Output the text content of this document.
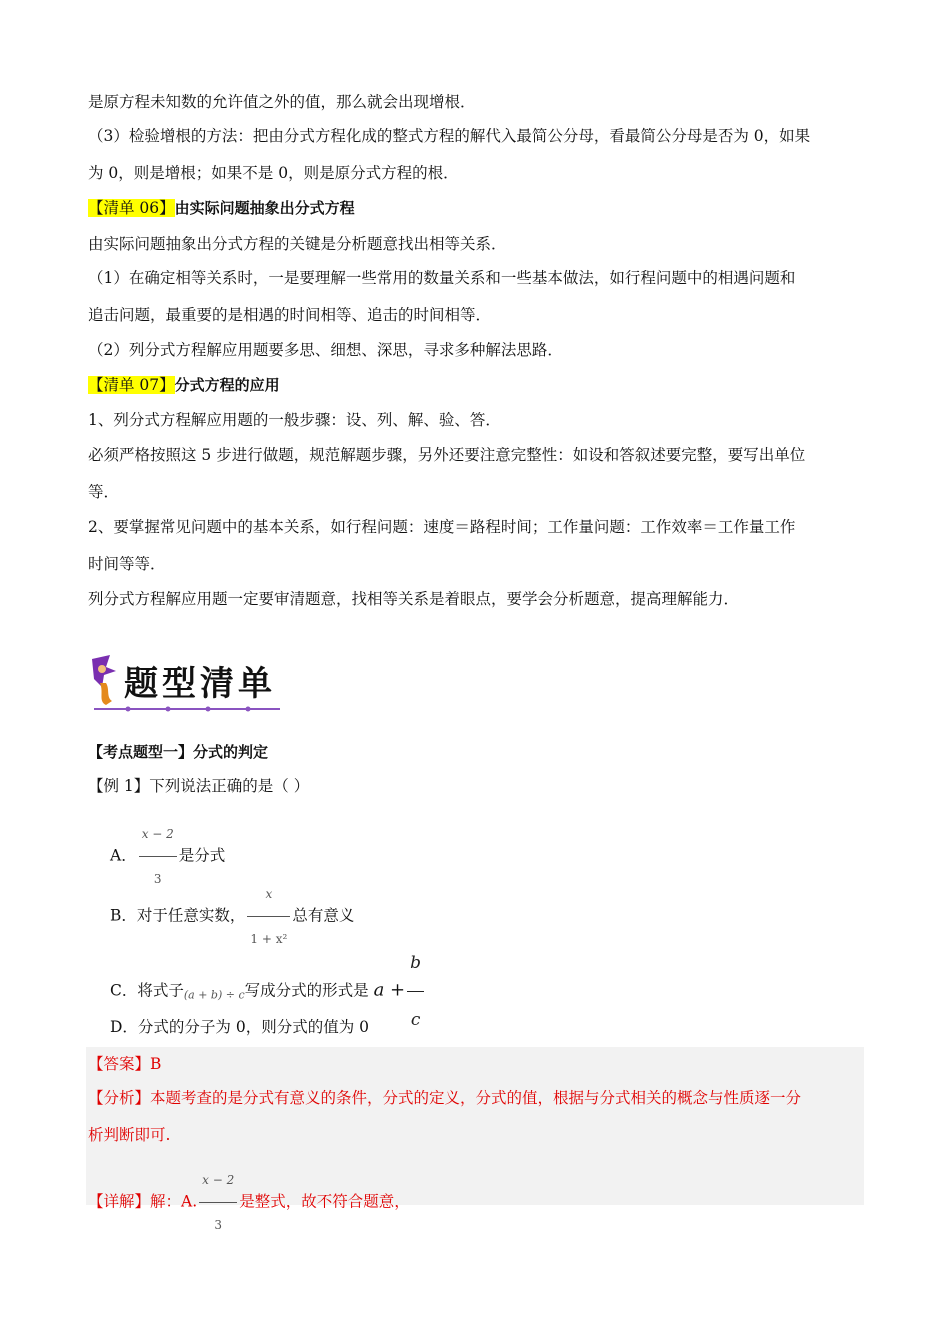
是原方程未知数的允许值之外的值，那么就会出现增根．
（3）检验增根的方法：把由分式方程化成的整式方程的解代入最简公分母，看最简公分母是否为 0，如果
为 0，则是增根；如果不是 0，则是原分式方程的根．
【清单 06】由实际问题抽象出分式方程
由实际问题抽象出分式方程的关键是分析题意找出相等关系．
（1）在确定相等关系时，一是要理解一些常用的数量关系和一些基本做法，如行程问题中的相遇问题和
追击问题，最重要的是相遇的时间相等、追击的时间相等．
（2）列分式方程解应用题要多思、细想、深思，寻求多种解法思路．
【清单 07】分式方程的应用
1、列分式方程解应用题的一般步骤：设、列、解、验、答．
必须严格按照这 5 步进行做题，规范解题步骤，另外还要注意完整性：如设和答叙述要完整，要写出单位
等．
2、要掌握常见问题中的基本关系，如行程问题：速度＝路程时间；工作量问题：工作效率＝工作量工作
时间等等．
列分式方程解应用题一定要审清题意，找相等关系是着眼点，要学会分析题意，提高理解能力．
题型清单
【考点题型一】分式的判定
【例 1】下列说法正确的是（ ）
A． $\frac{x - 2}{3}$ 是分式
B．对于任意实数， $\frac{x}{\text{1 + x²}}$ 总有意义
C．将式子(a + b) ÷ c写成分式的形式是 $a + \frac{b}{c}$
D．分式的分子为 0，则分式的值为 0
【答案】B
【分析】本题考查的是分式有意义的条件，分式的定义，分式的值，根据与分式相关的概念与性质逐一分
析判断即可.
【详解】解：A. $\frac{x - 2}{3}$ 是整式，故不符合题意，
